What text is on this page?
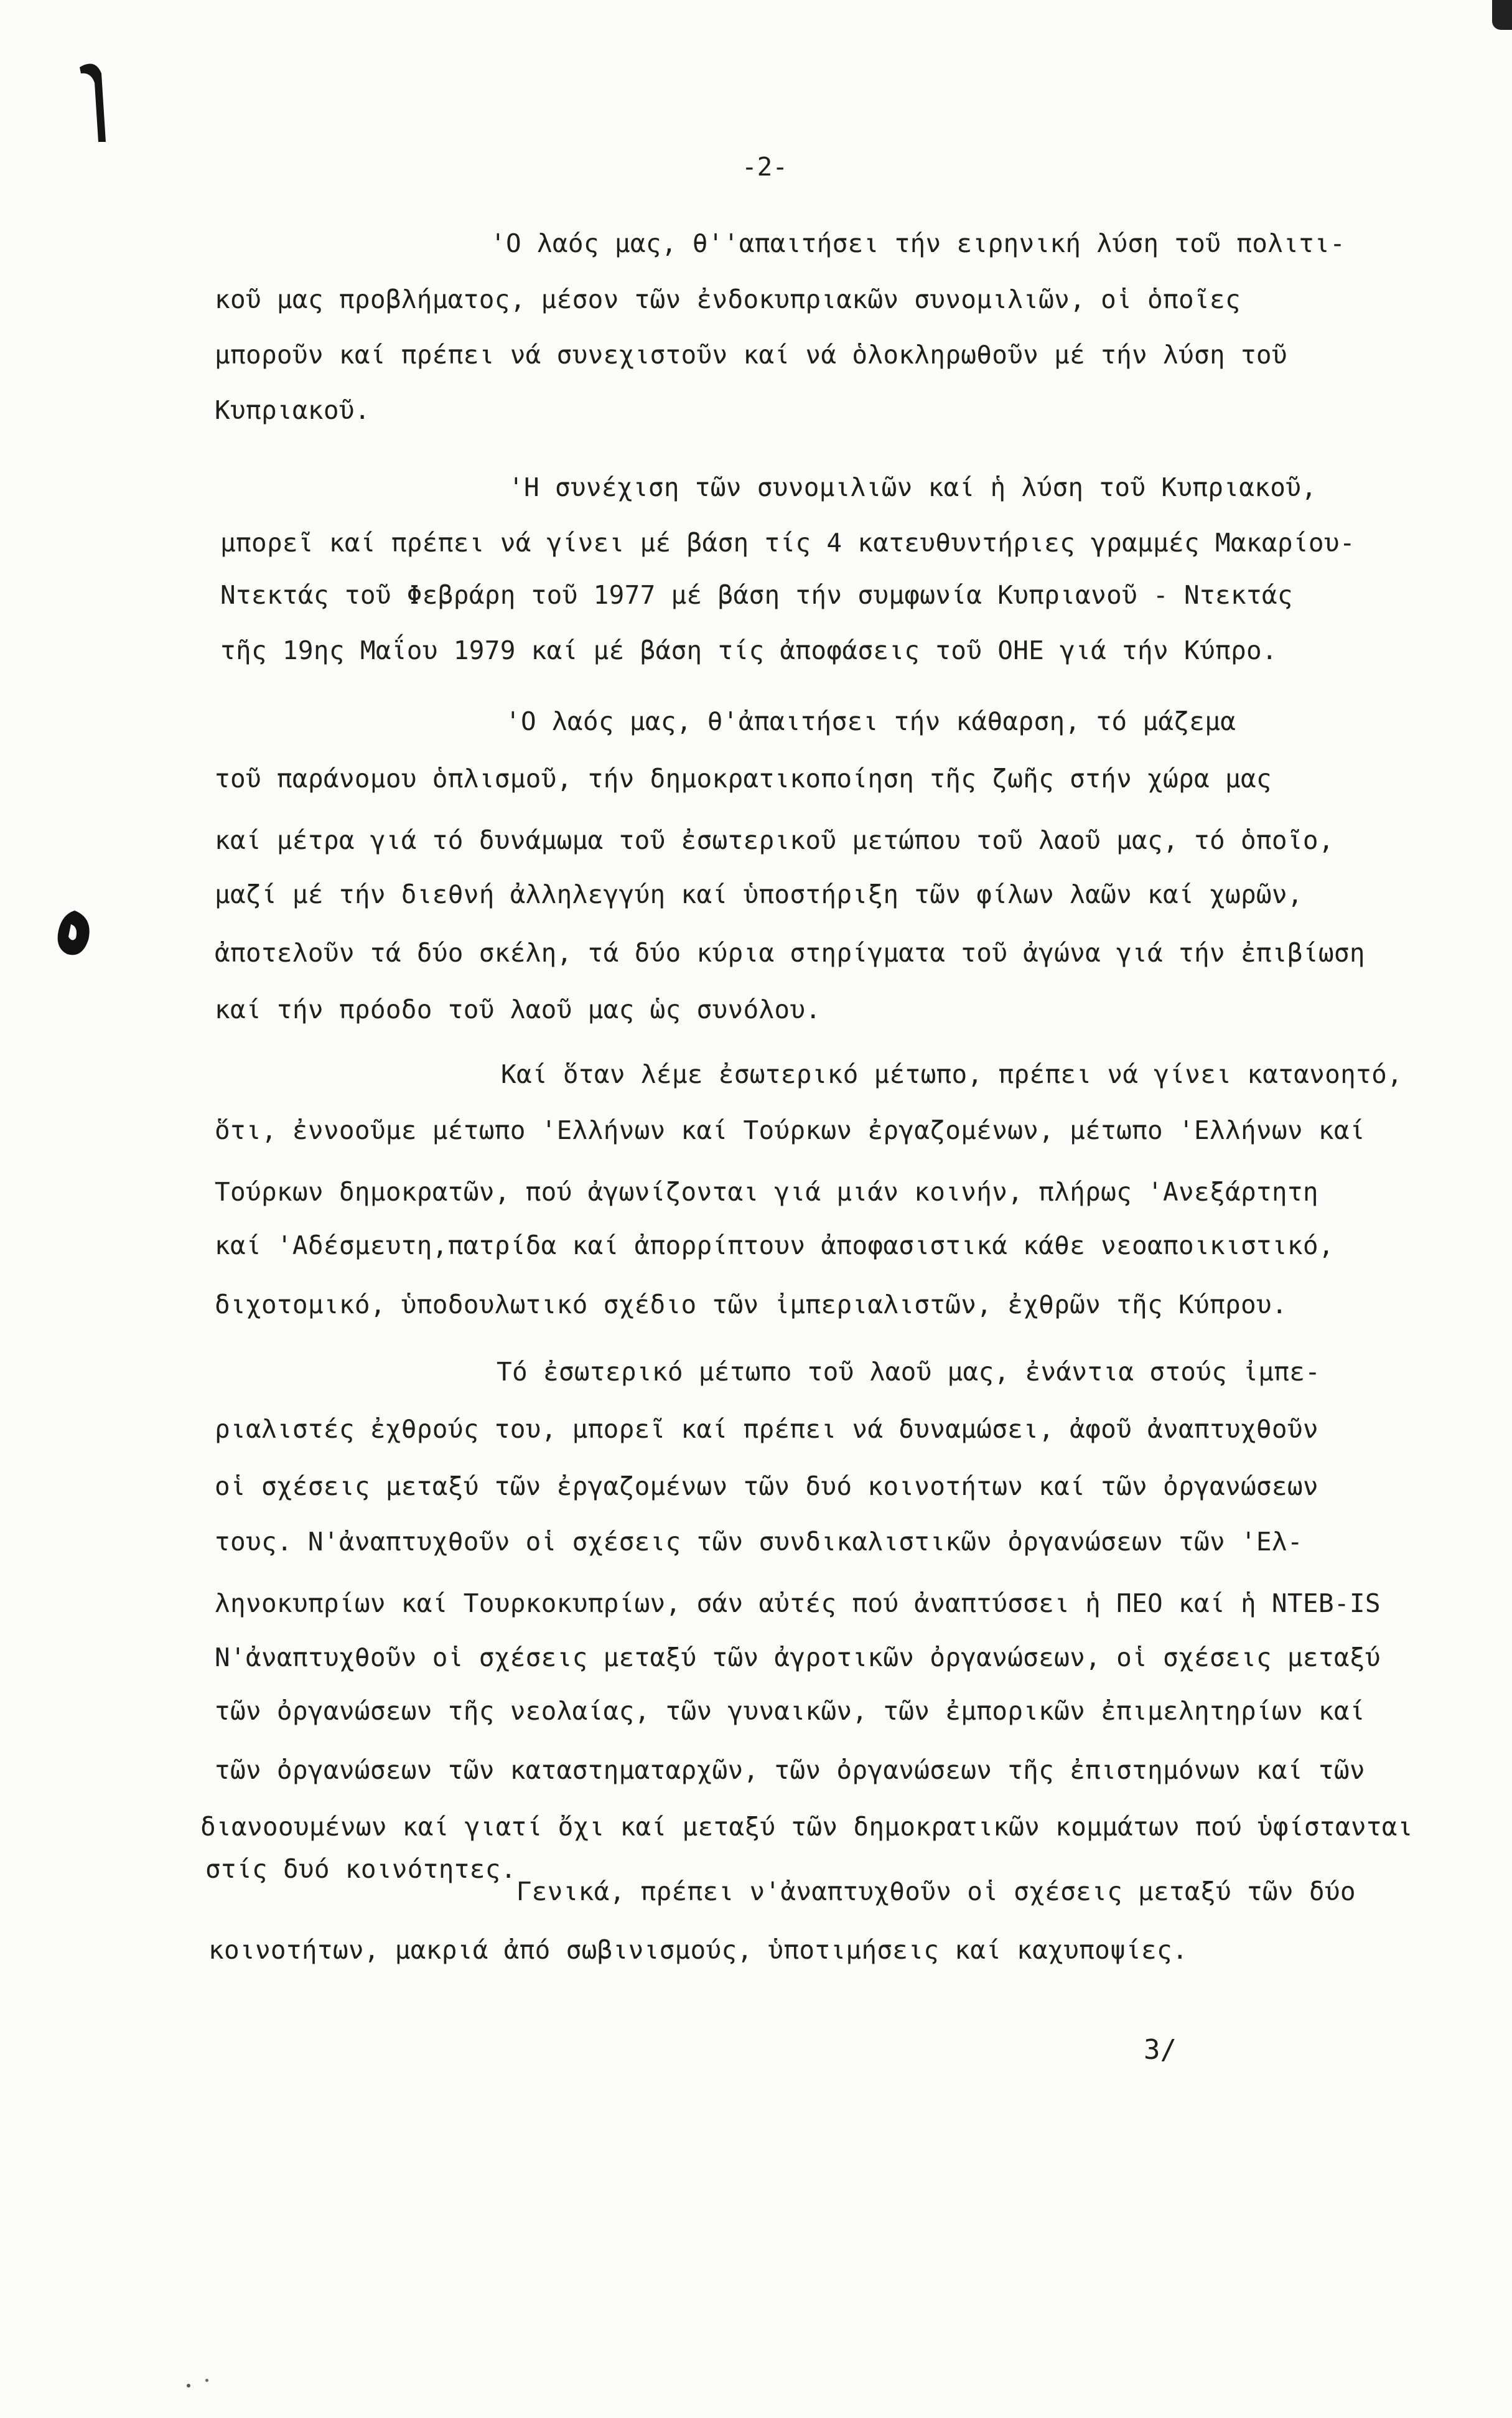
-2-
'Ο λαός μας, θ''απαιτήσει τήν ειρηνική λύση τοῦ πολιτι-
κοῦ μας προβλήματος, μέσον τῶν ἐνδοκυπριακῶν συνομιλιῶν, οἱ ὁποῖες
μποροῦν καί πρέπει νά συνεχιστοῦν καί νά ὁλοκληρωθοῦν μέ τήν λύση τοῦ
Κυπριακοῦ.
'Η συνέχιση τῶν συνομιλιῶν καί ἡ λύση τοῦ Κυπριακοῦ,
μπορεῖ καί πρέπει νά γίνει μέ βάση τίς 4 κατευθυντήριες γραμμές Μακαρίου-
Ντεκτάς τοῦ Φεβράρη τοῦ 1977 μέ βάση τήν συμφωνία Κυπριανοῦ - Ντεκτάς
τῆς 19ης Μαΐου 1979 καί μέ βάση τίς ἀποφάσεις τοῦ ΟΗΕ γιά τήν Κύπρο.
'Ο λαός μας, θ'ἀπαιτήσει τήν κάθαρση, τό μάζεμα
τοῦ παράνομου ὁπλισμοῦ, τήν δημοκρατικοποίηση τῆς ζωῆς στήν χώρα μας
καί μέτρα γιά τό δυνάμωμα τοῦ ἐσωτερικοῦ μετώπου τοῦ λαοῦ μας, τό ὁποῖο,
μαζί μέ τήν διεθνή ἀλληλεγγύη καί ὑποστήριξη τῶν φίλων λαῶν καί χωρῶν,
ἀποτελοῦν τά δύο σκέλη, τά δύο κύρια στηρίγματα τοῦ ἀγώνα γιά τήν ἐπιβίωση
καί τήν πρόοδο τοῦ λαοῦ μας ὡς συνόλου.
Καί ὅταν λέμε ἐσωτερικό μέτωπο, πρέπει νά γίνει κατανοητό,
ὅτι, ἐννοοῦμε μέτωπο 'Ελλήνων καί Τούρκων ἐργαζομένων, μέτωπο 'Ελλήνων καί
Τούρκων δημοκρατῶν, πού ἀγωνίζονται γιά μιάν κοινήν, πλήρως 'Ανεξάρτητη
καί 'Αδέσμευτη,πατρίδα καί ἀπορρίπτουν ἀποφασιστικά κάθε νεοαποικιστικό,
διχοτομικό, ὑποδουλωτικό σχέδιο τῶν ἰμπεριαλιστῶν, ἐχθρῶν τῆς Κύπρου.
Τό ἐσωτερικό μέτωπο τοῦ λαοῦ μας, ἐνάντια στούς ἰμπε-
ριαλιστές ἐχθρούς του, μπορεῖ καί πρέπει νά δυναμώσει, ἀφοῦ ἀναπτυχθοῦν
οἱ σχέσεις μεταξύ τῶν ἐργαζομένων τῶν δυό κοινοτήτων καί τῶν ὀργανώσεων
τους. Ν'ἀναπτυχθοῦν οἱ σχέσεις τῶν συνδικαλιστικῶν ὀργανώσεων τῶν 'Ελ-
ληνοκυπρίων καί Τουρκοκυπρίων, σάν αὐτές πού ἀναπτύσσει ἡ ΠΕΟ καί ἡ ΝΤΕΒ-IS
Ν'ἀναπτυχθοῦν οἱ σχέσεις μεταξύ τῶν ἀγροτικῶν ὀργανώσεων, οἱ σχέσεις μεταξύ
τῶν ὀργανώσεων τῆς νεολαίας, τῶν γυναικῶν, τῶν ἐμπορικῶν ἐπιμελητηρίων καί
τῶν ὀργανώσεων τῶν καταστηματαρχῶν, τῶν ὀργανώσεων τῆς ἐπιστημόνων καί τῶν
διανοουμένων καί γιατί ὄχι καί μεταξύ τῶν δημοκρατικῶν κομμάτων πού ὑφίστανται
στίς δυό κοινότητες.Γενικά, πρέπει ν'ἀναπτυχθοῦν οἱ σχέσεις μεταξύ τῶν δύο
κοινοτήτων, μακριά ἀπό σωβινισμούς, ὑποτιμήσεις καί καχυποψίες.
3/
